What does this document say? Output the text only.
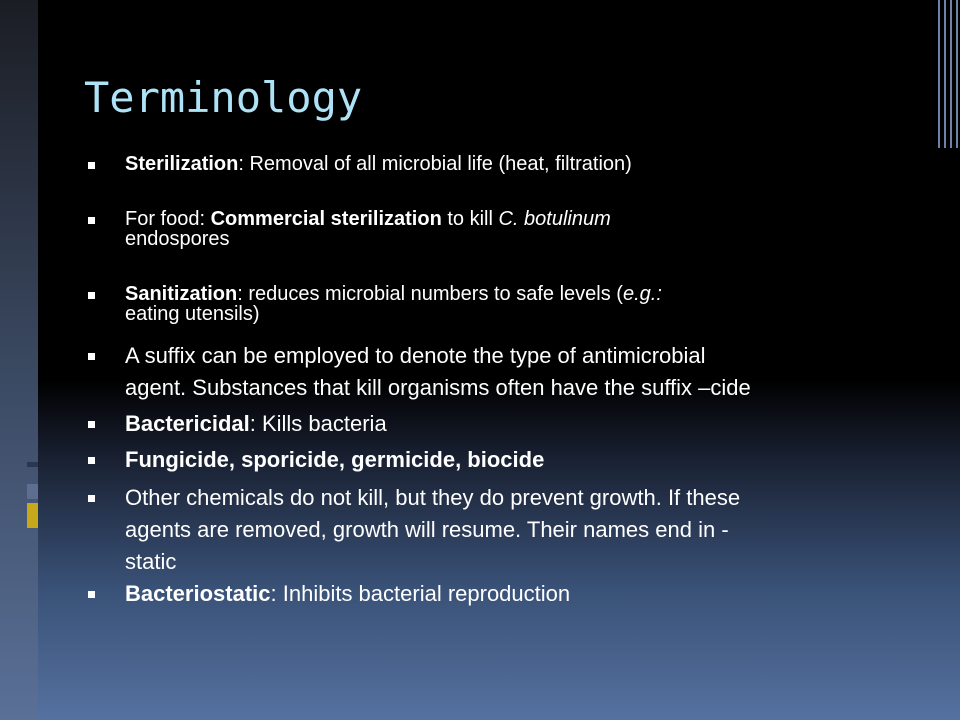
Terminology

Sterilization: Removal of all microbial life (heat, filtration)

For food: Commercial sterilization to kill C. botulinum
endospores

Sanitization: reduces microbial numbers to safe levels (e.g.:
eating utensils)

A suffix can be employed to denote the type of antimicrobial
agent. Substances that kill organisms often have the suffix –cide

Bactericidal: Kills bacteria

Fungicide, sporicide, germicide, biocide

Other chemicals do not kill, but they do prevent growth. If these
agents are removed, growth will resume. Their names end in -
static

Bacteriostatic: Inhibits bacterial reproduction
